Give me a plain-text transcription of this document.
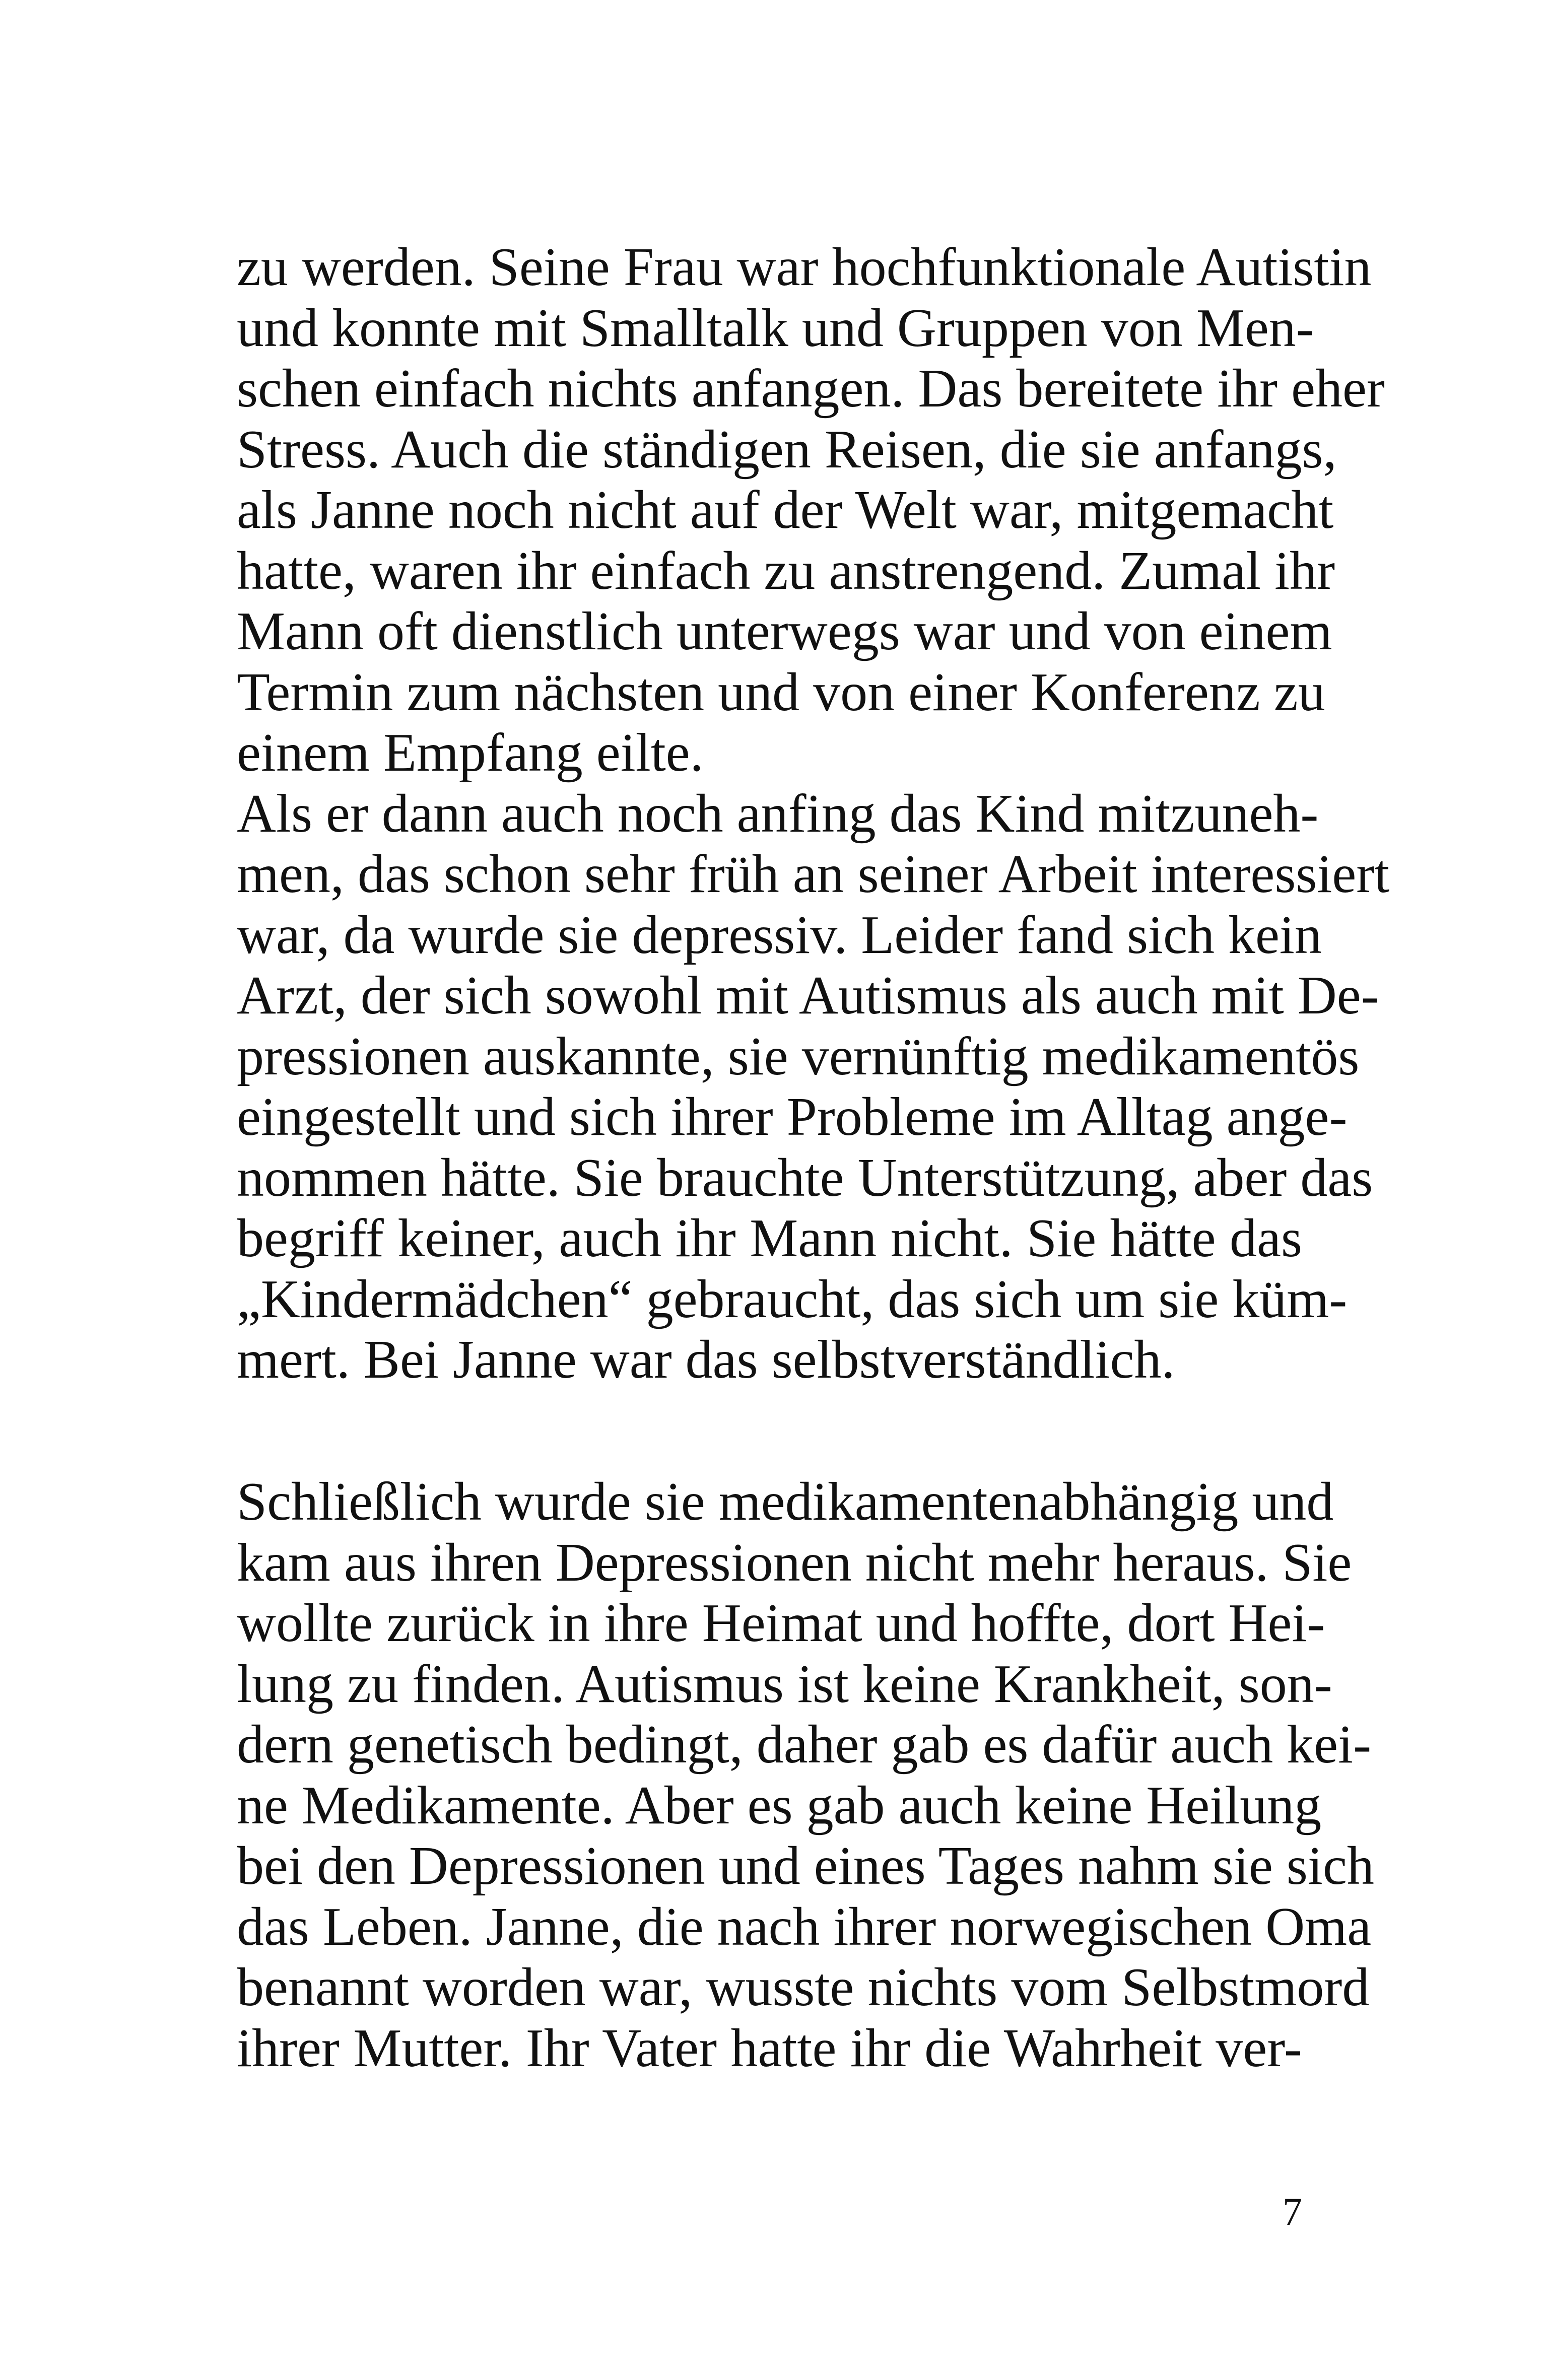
zu werden. Seine Frau war hochfunktionale Autistin
und konnte mit Smalltalk und Gruppen von Men-
schen einfach nichts anfangen. Das bereitete ihr eher
Stress. Auch die ständigen Reisen, die sie anfangs,
als Janne noch nicht auf der Welt war, mitgemacht
hatte, waren ihr einfach zu anstrengend. Zumal ihr
Mann oft dienstlich unterwegs war und von einem
Termin zum nächsten und von einer Konferenz zu
einem Empfang eilte.
Als er dann auch noch anfing das Kind mitzuneh-
men, das schon sehr früh an seiner Arbeit interessiert
war, da wurde sie depressiv. Leider fand sich kein
Arzt, der sich sowohl mit Autismus als auch mit De-
pressionen auskannte, sie vernünftig medikamentös
eingestellt und sich ihrer Probleme im Alltag ange-
nommen hätte. Sie brauchte Unterstützung, aber das
begriff keiner, auch ihr Mann nicht. Sie hätte das
„Kindermädchen“ gebraucht, das sich um sie küm-
mert. Bei Janne war das selbstverständlich.
Schließlich wurde sie medikamentenabhängig und
kam aus ihren Depressionen nicht mehr heraus. Sie
wollte zurück in ihre Heimat und hoffte, dort Hei-
lung zu finden. Autismus ist keine Krankheit, son-
dern genetisch bedingt, daher gab es dafür auch kei-
ne Medikamente. Aber es gab auch keine Heilung
bei den Depressionen und eines Tages nahm sie sich
das Leben. Janne, die nach ihrer norwegischen Oma
benannt worden war, wusste nichts vom Selbstmord
ihrer Mutter. Ihr Vater hatte ihr die Wahrheit ver-
7
